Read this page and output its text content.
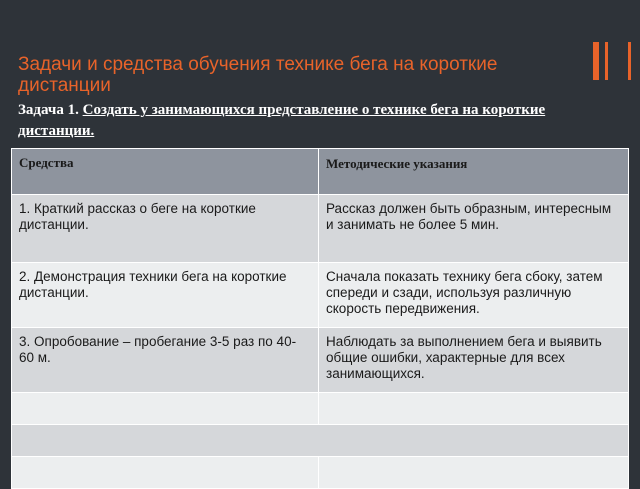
Задачи и средства обучения технике бега на короткие дистанции
Задача 1. Создать у занимающихся представление о технике бега на короткие дистанции.
Средства	Методические указания
1. Краткий рассказ о беге на короткие дистанции.	Рассказ должен быть образным, интересным и занимать не более 5 мин.
2. Демонстрация техники бега на короткие дистанции.	Сначала показать технику бега сбоку, затем спереди и сзади, используя различную скорость передвижения.
3. Опробование – пробегание 3-5 раз по 40-60 м.	Наблюдать за выполнением бега и выявить общие ошибки, характерные для всех занимающихся.
